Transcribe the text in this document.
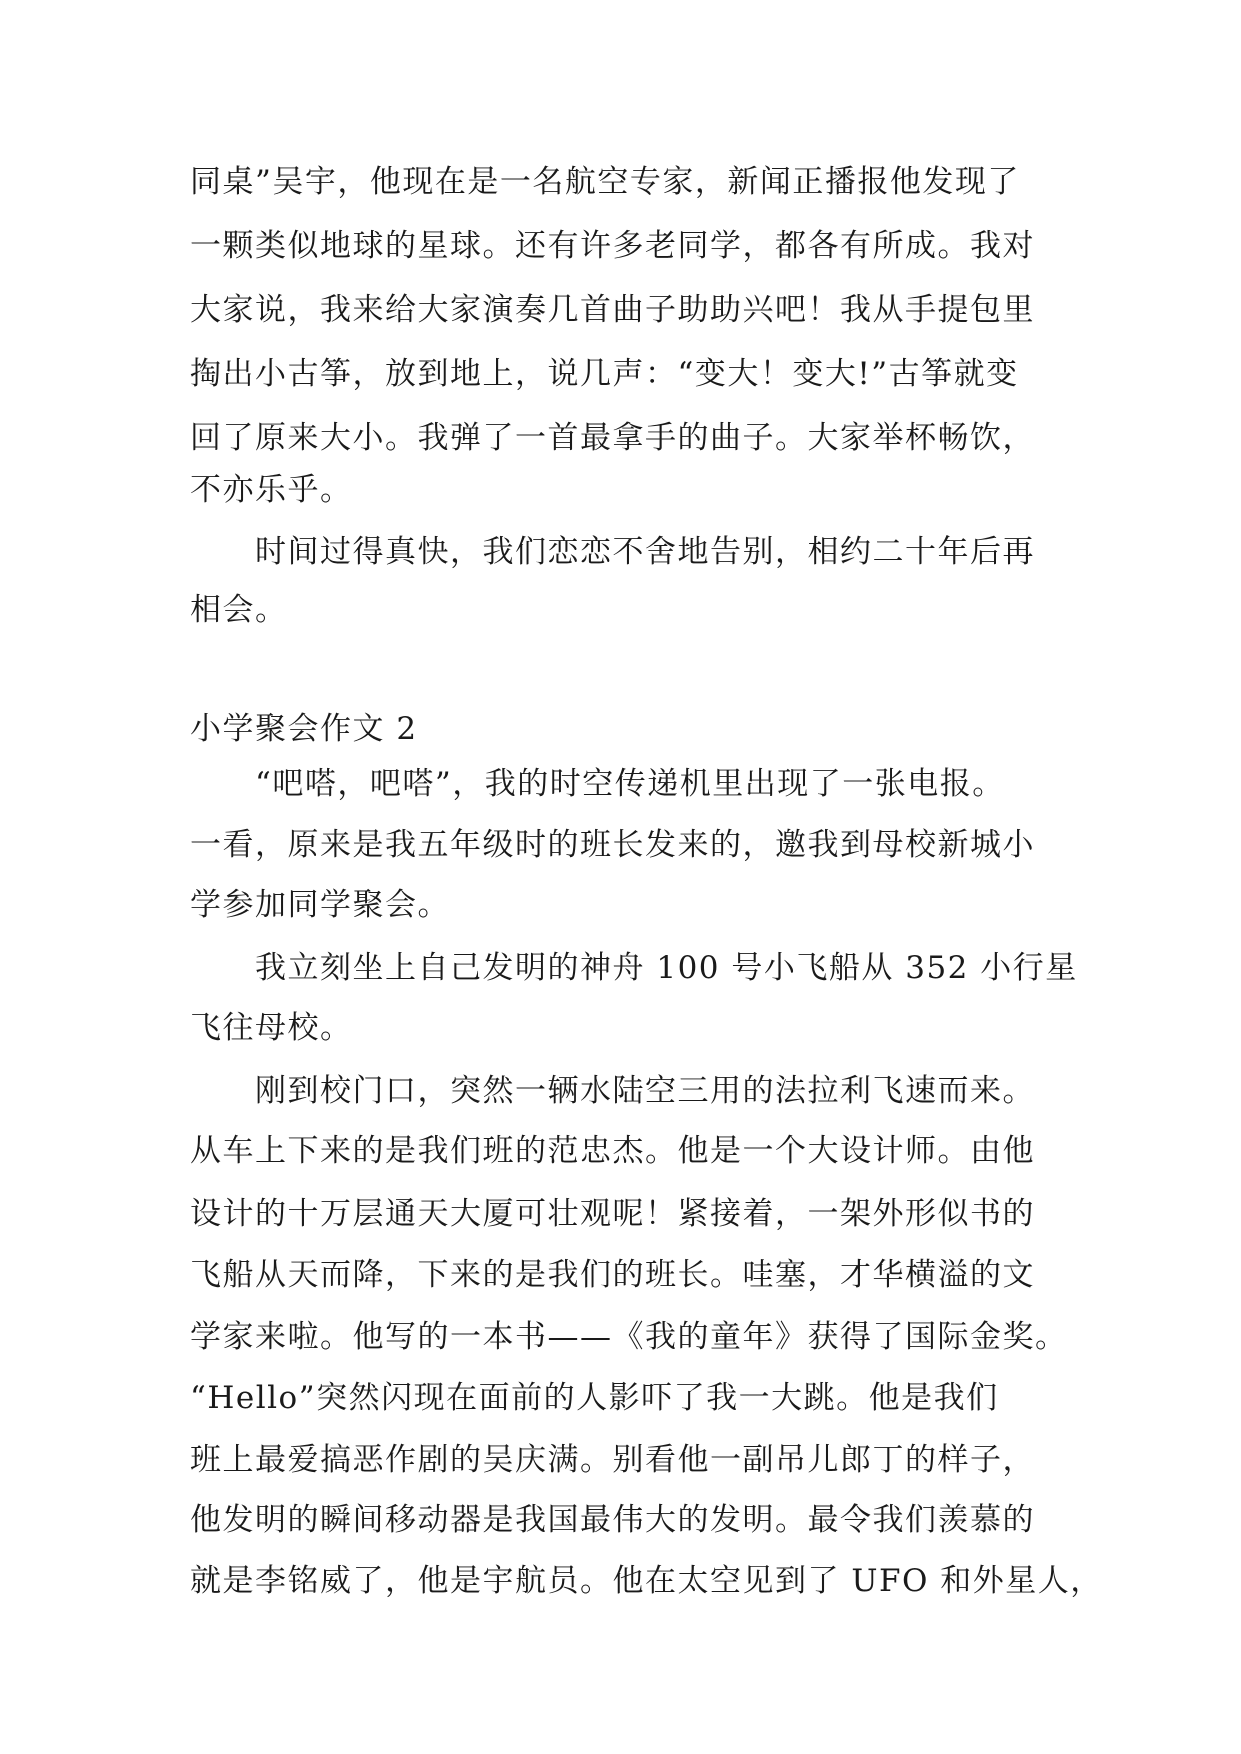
同桌”吴宇，他现在是一名航空专家，新闻正播报他发现了
一颗类似地球的星球。还有许多老同学，都各有所成。我对
大家说，我来给大家演奏几首曲子助助兴吧！我从手提包里
掏出小古筝，放到地上，说几声：“变大！变大!”古筝就变
回了原来大小。我弹了一首最拿手的曲子。大家举杯畅饮，
不亦乐乎。
　　时间过得真快，我们恋恋不舍地告别，相约二十年后再
相会。
小学聚会作文 2
　　“吧嗒，吧嗒”，我的时空传递机里出现了一张电报。
一看，原来是我五年级时的班长发来的，邀我到母校新城小
学参加同学聚会。
　　我立刻坐上自己发明的神舟 100 号小飞船从 352 小行星
飞往母校。
　　刚到校门口，突然一辆水陆空三用的法拉利飞速而来。
从车上下来的是我们班的范忠杰。他是一个大设计师。由他
设计的十万层通天大厦可壮观呢！紧接着，一架外形似书的
飞船从天而降，下来的是我们的班长。哇塞，才华横溢的文
学家来啦。他写的一本书——《我的童年》获得了国际金奖。
“Hello”突然闪现在面前的人影吓了我一大跳。他是我们
班上最爱搞恶作剧的吴庆满。别看他一副吊儿郎丁的样子，
他发明的瞬间移动器是我国最伟大的发明。最令我们羡慕的
就是李铭威了，他是宇航员。他在太空见到了 UFO 和外星人，
